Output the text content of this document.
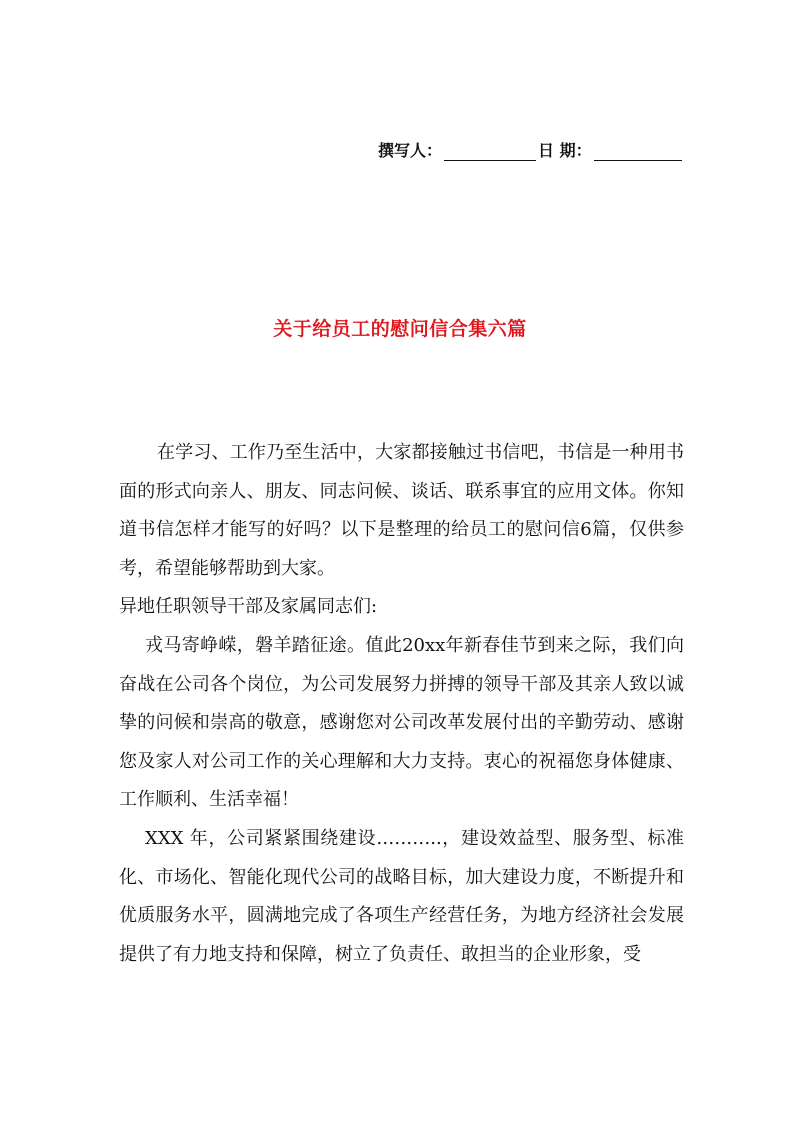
撰写人：	日 期：
关于给员工的慰问信合集六篇

在学习、工作乃至生活中，大家都接触过书信吧，书信是一种用书面的形式向亲人、朋友、同志问候、谈话、联系事宜的应用文体。你知道书信怎样才能写的好吗？以下是整理的给员工的慰问信6篇，仅供参考，希望能够帮助到大家。

异地任职领导干部及家属同志们:

戎马寄峥嵘，磐羊踏征途。值此20xx年新春佳节到来之际，我们向奋战在公司各个岗位，为公司发展努力拼搏的领导干部及其亲人致以诚挚的问候和崇高的敬意，感谢您对公司改革发展付出的辛勤劳动、感谢您及家人对公司工作的关心理解和大力支持。衷心的祝福您身体健康、工作顺利、生活幸福！

XXX 年，公司紧紧围绕建设………..，建设效益型、服务型、标准化、市场化、智能化现代公司的战略目标，加大建设力度，不断提升和优质服务水平，圆满地完成了各项生产经营任务，为地方经济社会发展提供了有力地支持和保障，树立了负责任、敢担当的企业形象，受
